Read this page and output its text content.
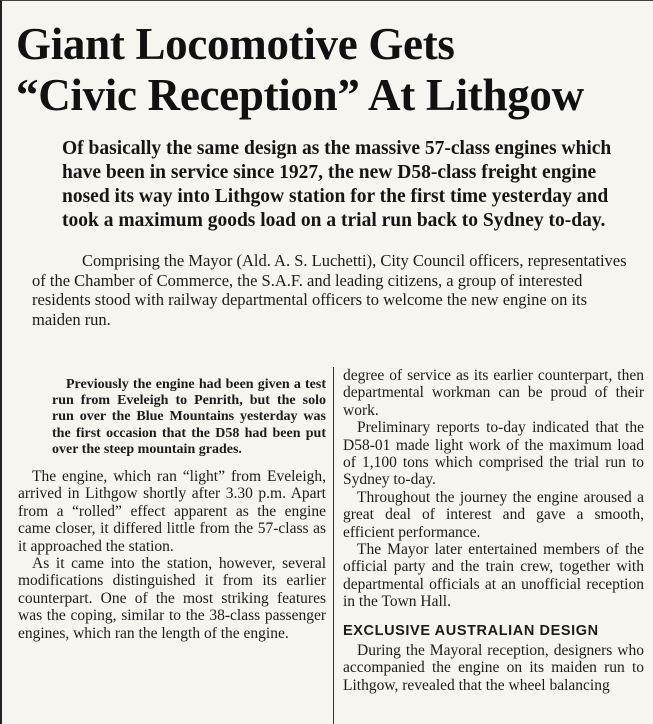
Giant Locomotive Gets
“Civic Reception” At Lithgow

Of basically the same design as the massive 57-class engines which have been in service since 1927, the new D58-class freight engine nosed its way into Lithgow station for the first time yesterday and took a maximum goods load on a trial run back to Sydney to-day.

Comprising the Mayor (Ald. A. S. Luchetti), City Council officers, representatives of the Chamber of Commerce, the S.A.F. and leading citizens, a group of interested residents stood with railway departmental officers to welcome the new engine on its maiden run.

Previously the engine had been given a test run from Eveleigh to Penrith, but the solo run over the Blue Mountains yesterday was the first occasion that the D58 had been put over the steep mountain grades.

The engine, which ran “light” from Eveleigh, arrived in Lithgow shortly after 3.30 p.m. Apart from a “rolled” effect apparent as the engine came closer, it differed little from the 57-class as it approached the station.

As it came into the station, however, several modifications distinguished it from its earlier counterpart. One of the most striking features was the coping, similar to the 38-class passenger engines, which ran the length of the engine.

degree of service as its earlier counterpart, then departmental workman can be proud of their work.

Preliminary reports to-day indicated that the D58-01 made light work of the maximum load of 1,100 tons which comprised the trial run to Sydney to-day.

Throughout the journey the engine aroused a great deal of interest and gave a smooth, efficient performance.

The Mayor later entertained members of the official party and the train crew, together with departmental officials at an unofficial reception in the Town Hall.

EXCLUSIVE AUSTRALIAN DESIGN

During the Mayoral reception, designers who accompanied the engine on its maiden run to Lithgow, revealed that the wheel balancing
